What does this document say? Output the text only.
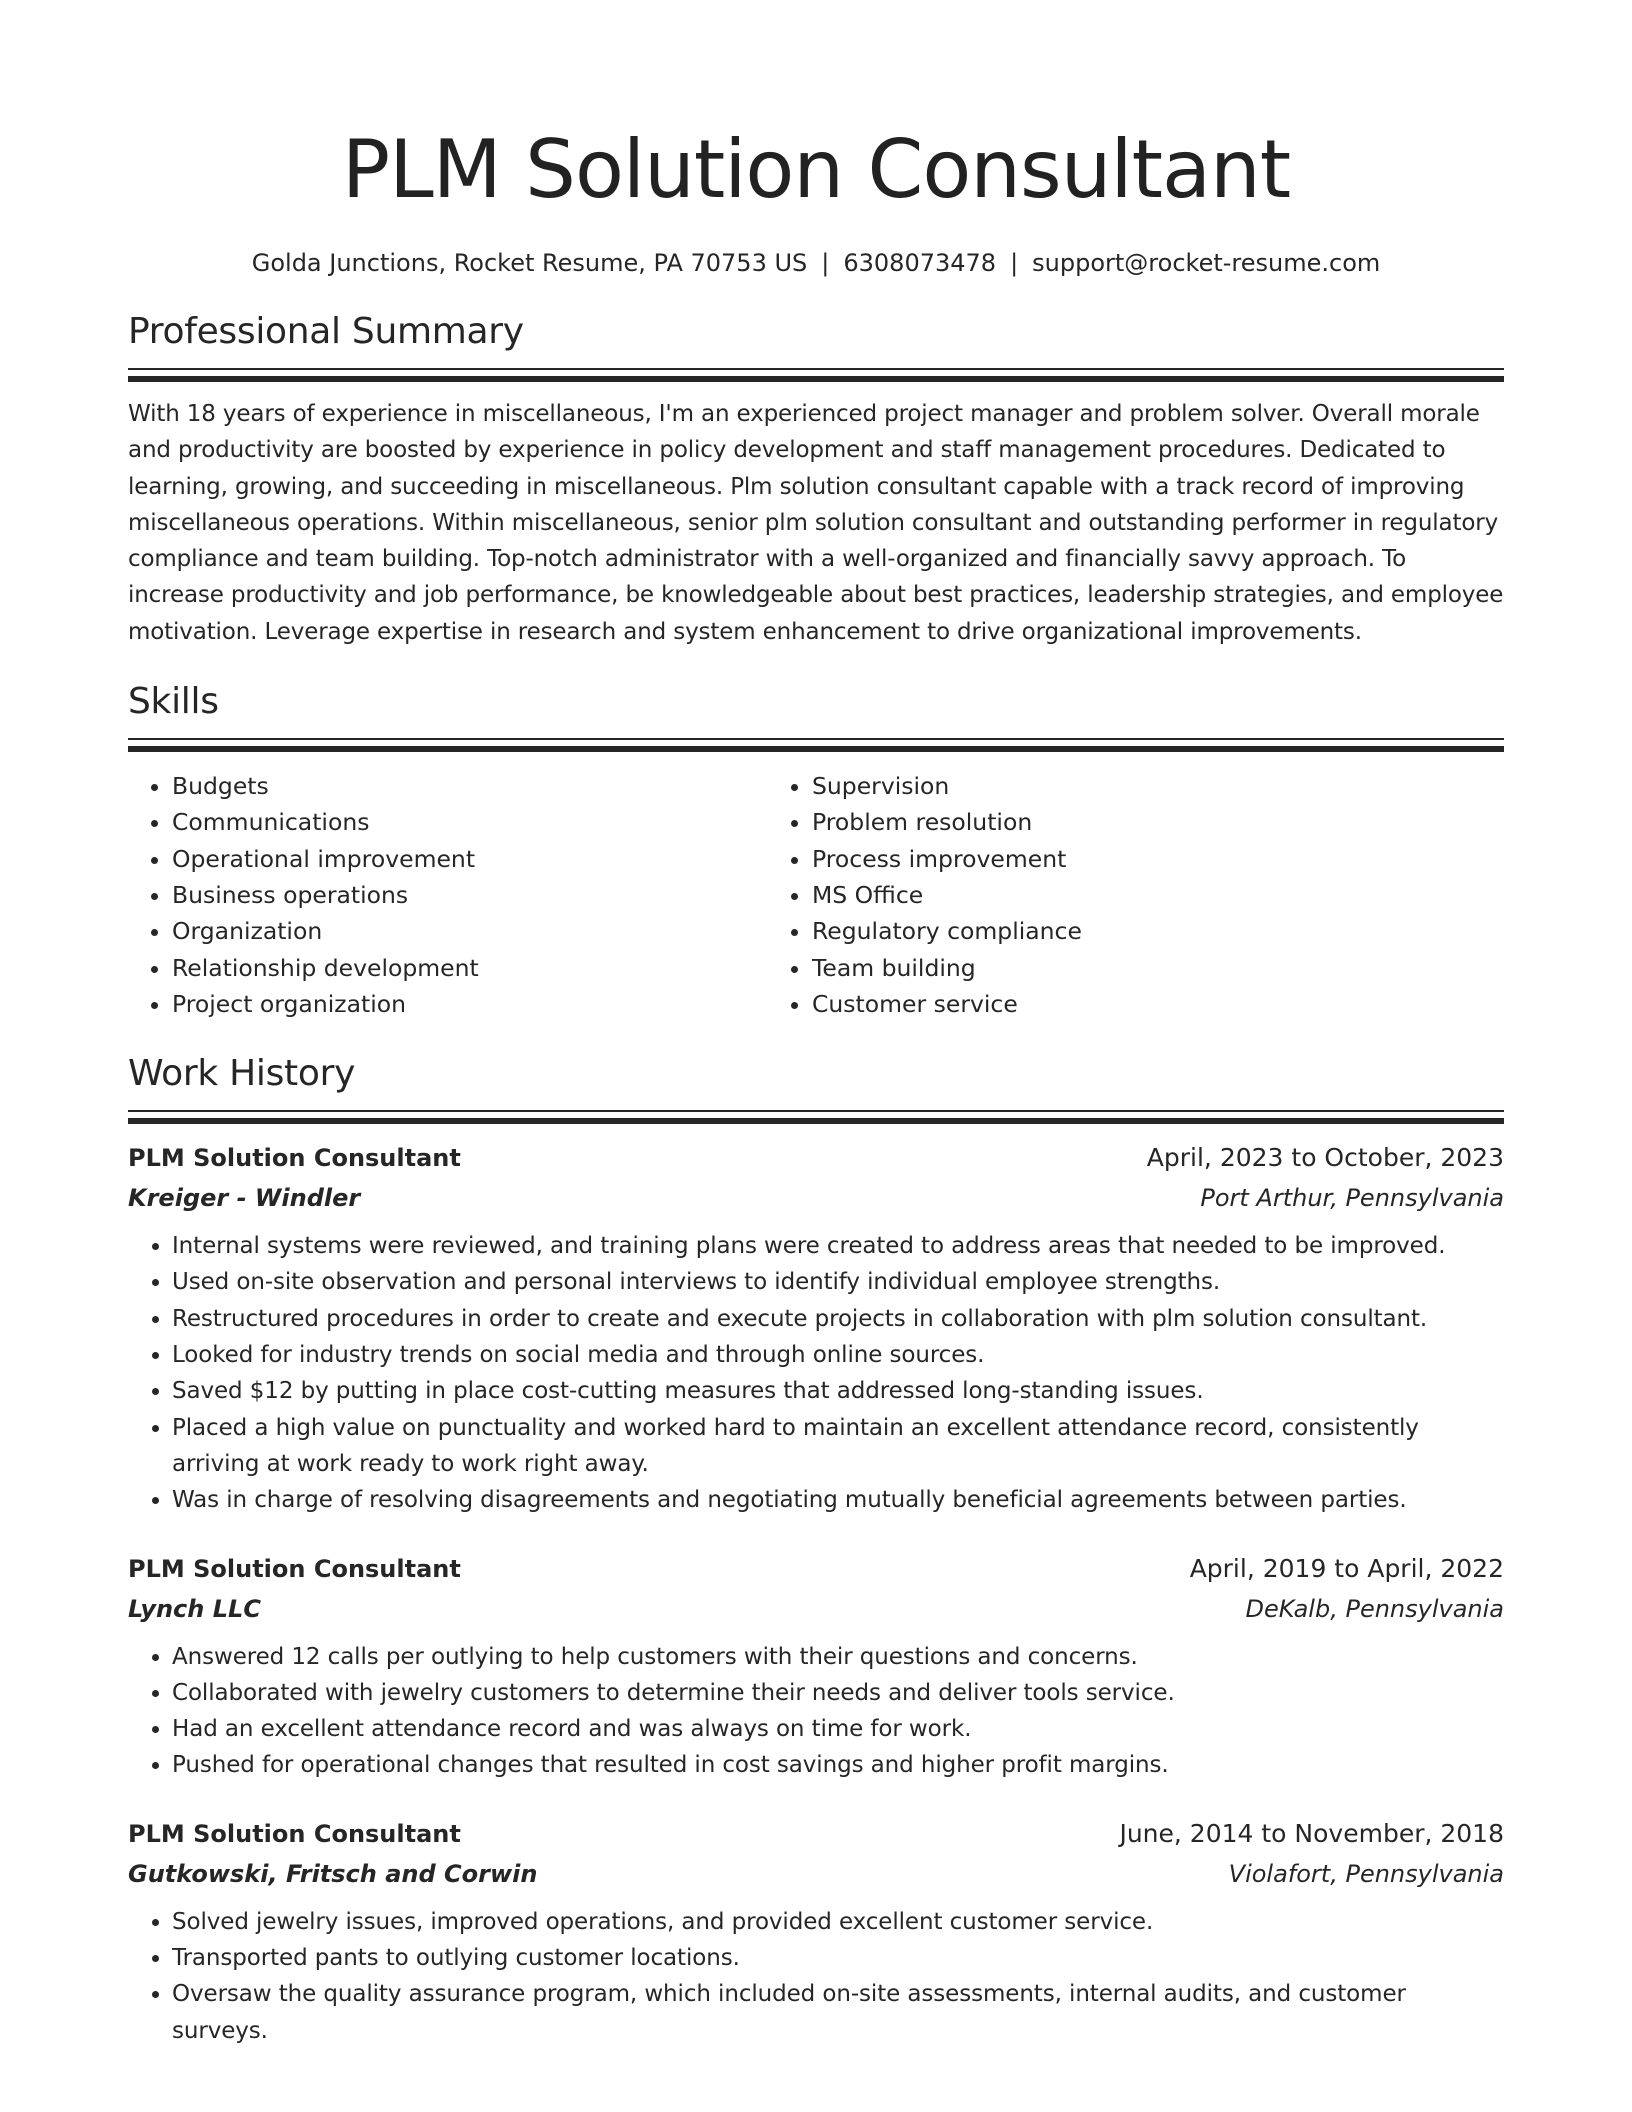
PLM Solution Consultant
Golda Junctions, Rocket Resume, PA 70753 US | 6308073478 | support@rocket-resume.com
Professional Summary

With 18 years of experience in miscellaneous, I'm an experienced project manager and problem solver. Overall morale and productivity are boosted by experience in policy development and staff management procedures. Dedicated to learning, growing, and succeeding in miscellaneous. Plm solution consultant capable with a track record of improving miscellaneous operations. Within miscellaneous, senior plm solution consultant and outstanding performer in regulatory compliance and team building. Top-notch administrator with a well-organized and financially savvy approach. To increase productivity and job performance, be knowledgeable about best practices, leadership strategies, and employee motivation. Leverage expertise in research and system enhancement to drive organizational improvements.

Skills
• Budgets
• Communications
• Operational improvement
• Business operations
• Organization
• Relationship development
• Project organization
• Supervision
• Problem resolution
• Process improvement
• MS Office
• Regulatory compliance
• Team building
• Customer service
Work History
PLM Solution Consultant	April, 2023 to October, 2023
Kreiger - Windler	Port Arthur, Pennsylvania
• Internal systems were reviewed, and training plans were created to address areas that needed to be improved.
• Used on-site observation and personal interviews to identify individual employee strengths.
• Restructured procedures in order to create and execute projects in collaboration with plm solution consultant.
• Looked for industry trends on social media and through online sources.
• Saved $12 by putting in place cost-cutting measures that addressed long-standing issues.
• Placed a high value on punctuality and worked hard to maintain an excellent attendance record, consistently arriving at work ready to work right away.
• Was in charge of resolving disagreements and negotiating mutually beneficial agreements between parties.
PLM Solution Consultant	April, 2019 to April, 2022
Lynch LLC	DeKalb, Pennsylvania
• Answered 12 calls per outlying to help customers with their questions and concerns.
• Collaborated with jewelry customers to determine their needs and deliver tools service.
• Had an excellent attendance record and was always on time for work.
• Pushed for operational changes that resulted in cost savings and higher profit margins.
PLM Solution Consultant	June, 2014 to November, 2018
Gutkowski, Fritsch and Corwin	Violafort, Pennsylvania
• Solved jewelry issues, improved operations, and provided excellent customer service.
• Transported pants to outlying customer locations.
• Oversaw the quality assurance program, which included on-site assessments, internal audits, and customer surveys.
